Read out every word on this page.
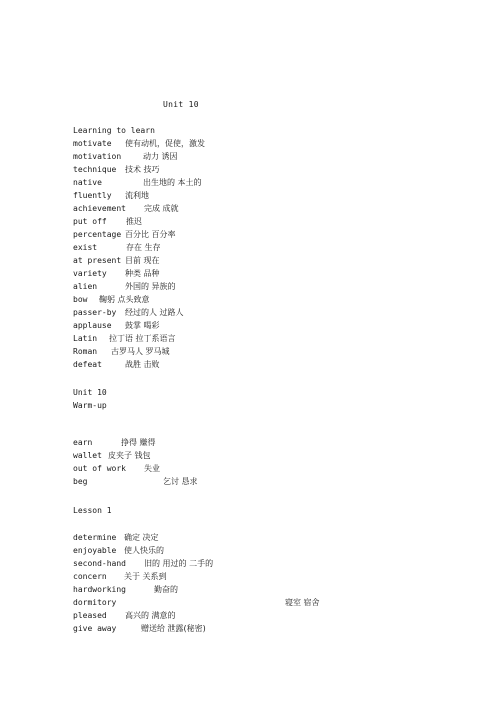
Unit 10
Learning to learn
motivate 使有动机，促使，激发
motivation	动力 诱因
technique 技术 技巧
native	出生地的 本土的
fluently 流利地
achievement 完成 成就
put off 推迟
percentage 百分比 百分率
exist	存在 生存
at present 目前 现在
variety 种类 品种
alien	外国的 异族的
bow 鞠躬 点头致意
passer-by 经过的人 过路人
applause 鼓掌 喝彩
Latin 拉丁语 拉丁系语言
Roman 古罗马人 罗马城
defeat	战胜 击败
Unit 10
Warm-up
earn	挣得 赚得
wallet 皮夹子 钱包
out of work 失业
beg	乞讨 恳求
Lesson 1
determine 确定 决定
enjoyable 使人快乐的
second-hand 旧的 用过的 二手的
concern 关于 关系到
hardworking	勤奋的
dormitory	寝室 宿舍
pleased 高兴的 满意的
give away	赠送给 泄露(秘密)
